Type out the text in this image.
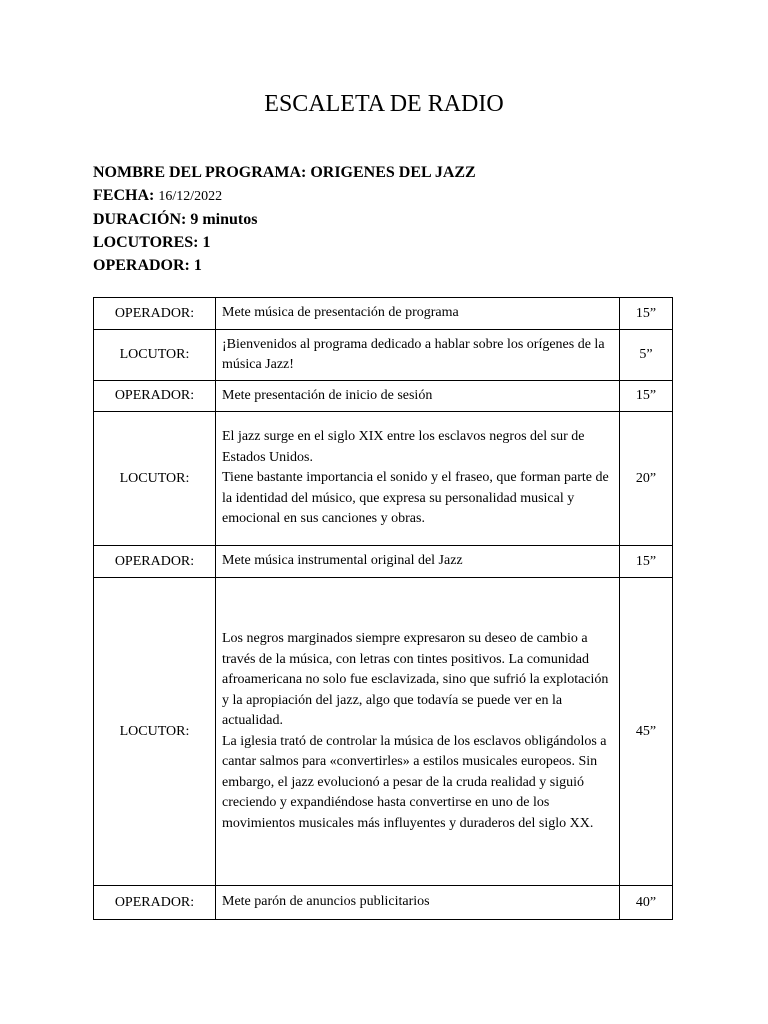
ESCALETA DE RADIO
NOMBRE DEL PROGRAMA: ORIGENES DEL JAZZ
FECHA: 16/12/2022
DURACIÓN: 9 minutos
LOCUTORES: 1
OPERADOR: 1
OPERADOR:	Mete música de presentación de programa	15”
LOCUTOR:	¡Bienvenidos al programa dedicado a hablar sobre los orígenes de la música Jazz!	5”
OPERADOR:	Mete presentación de inicio de sesión	15”
LOCUTOR:	El jazz surge en el siglo XIX entre los esclavos negros del sur de Estados Unidos.
Tiene bastante importancia el sonido y el fraseo, que forman parte de la identidad del músico, que expresa su personalidad musical y emocional en sus canciones y obras.	20”
OPERADOR:	Mete música instrumental original del Jazz	15”
LOCUTOR:	Los negros marginados siempre expresaron su deseo de cambio a través de la música, con letras con tintes positivos. La comunidad afroamericana no solo fue esclavizada, sino que sufrió la explotación y la apropiación del jazz, algo que todavía se puede ver en la actualidad.
La iglesia trató de controlar la música de los esclavos obligándolos a cantar salmos para «convertirles» a estilos musicales europeos. Sin embargo, el jazz evolucionó a pesar de la cruda realidad y siguió creciendo y expandiéndose hasta convertirse en uno de los movimientos musicales más influyentes y duraderos del siglo XX.	45”
OPERADOR:	Mete parón de anuncios publicitarios	40”
